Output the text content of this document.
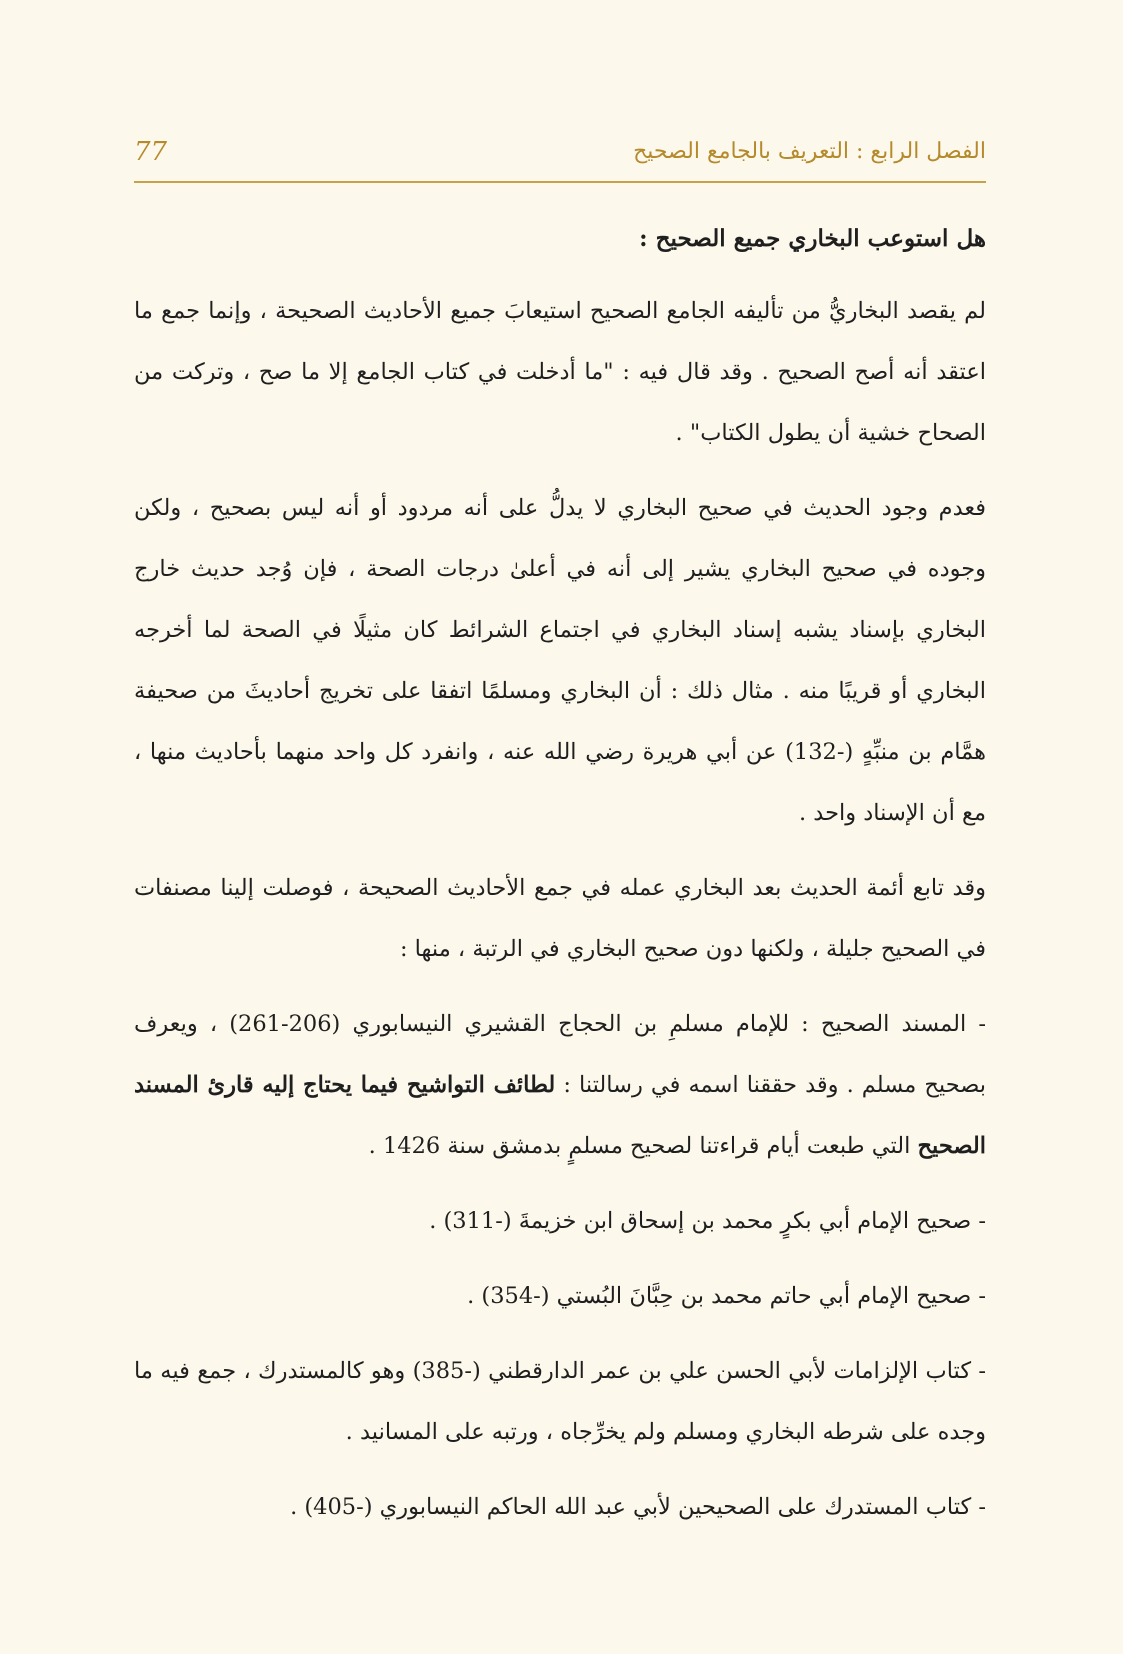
الفصل الرابع : التعريف بالجامع الصحيح
77

هل استوعب البخاري جميع الصحيح :

لم يقصد البخاريُّ من تأليفه الجامع الصحيح استيعابَ جميع الأحاديث الصحيحة ، وإنما جمع ما اعتقد أنه أصح الصحيح . وقد قال فيه : "ما أدخلت في كتاب الجامع إلا ما صح ، وتركت من الصحاح خشية أن يطول الكتاب" .

فعدم وجود الحديث في صحيح البخاري لا يدلُّ على أنه مردود أو أنه ليس بصحيح ، ولكن وجوده في صحيح البخاري يشير إلى أنه في أعلىٰ درجات الصحة ، فإن وُجد حديث خارج البخاري بإسناد يشبه إسناد البخاري في اجتماع الشرائط كان مثيلًا في الصحة لما أخرجه البخاري أو قريبًا منه . مثال ذلك : أن البخاري ومسلمًا اتفقا على تخريج أحاديثَ من صحيفة همَّام بن منبِّهٍ (-132) عن أبي هريرة رضي الله عنه ، وانفرد كل واحد منهما بأحاديث منها ، مع أن الإسناد واحد .

وقد تابع أئمة الحديث بعد البخاري عمله في جمع الأحاديث الصحيحة ، فوصلت إلينا مصنفات في الصحيح جليلة ، ولكنها دون صحيح البخاري في الرتبة ، منها :

- المسند الصحيح : للإمام مسلمِ بن الحجاج القشيري النيسابوري (206-261) ، ويعرف بصحيح مسلم . وقد حققنا اسمه في رسالتنا : لطائف التواشيح فيما يحتاج إليه قارئ المسند الصحيح التي طبعت أيام قراءتنا لصحيح مسلمٍ بدمشق سنة 1426 .

- صحيح الإمام أبي بكرٍ محمد بن إسحاق ابن خزيمةَ (-311) .

- صحيح الإمام أبي حاتم محمد بن حِبَّانَ البُستي (-354) .

- كتاب الإلزامات لأبي الحسن علي بن عمر الدارقطني (-385) وهو كالمستدرك ، جمع فيه ما وجده على شرطه البخاري ومسلم ولم يخرِّجاه ، ورتبه على المسانيد .

- كتاب المستدرك على الصحيحين لأبي عبد الله الحاكم النيسابوري (-405) .
